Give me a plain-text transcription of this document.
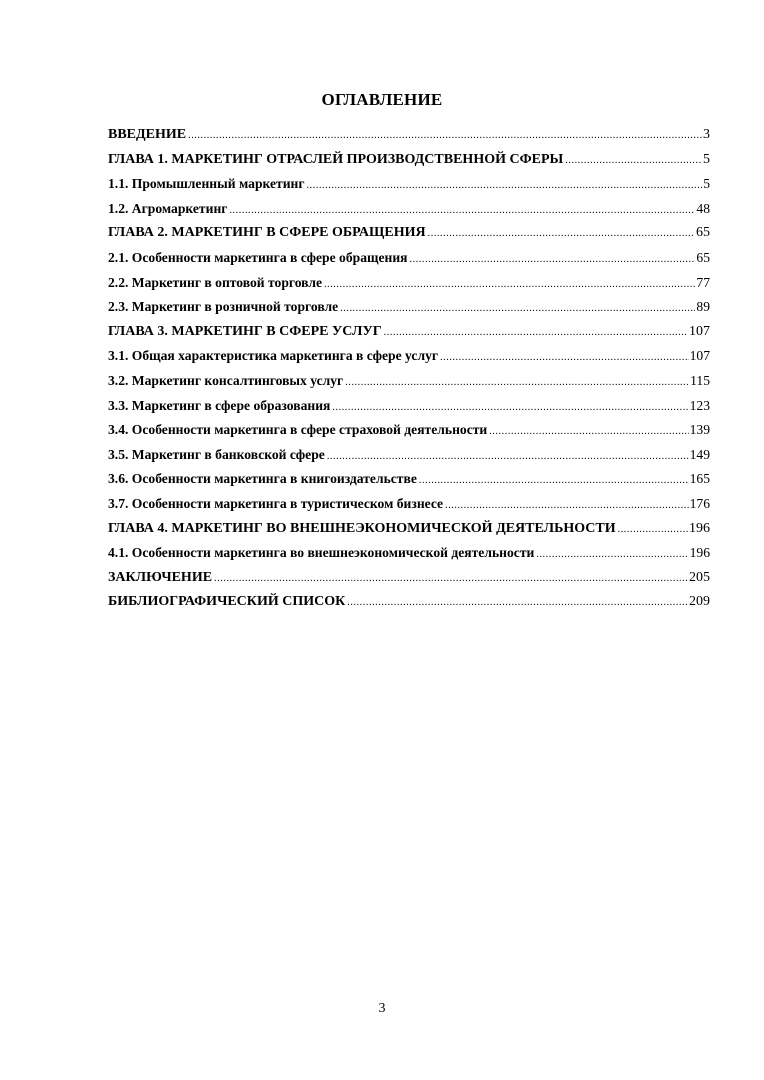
ОГЛАВЛЕНИЕ
ВВЕДЕНИЕ .....	3
ГЛАВА 1. МАРКЕТИНГ ОТРАСЛЕЙ ПРОИЗВОДСТВЕННОЙ СФЕРЫ .....	5
1.1. Промышленный маркетинг .....	5
1.2. Агромаркетинг .....	48
ГЛАВА 2. МАРКЕТИНГ В СФЕРЕ ОБРАЩЕНИЯ .....	65
2.1. Особенности маркетинга в сфере обращения .....	65
2.2. Маркетинг в оптовой торговле .....	77
2.3. Маркетинг в розничной торговле .....	89
ГЛАВА 3. МАРКЕТИНГ В СФЕРЕ УСЛУГ .....	107
3.1. Общая характеристика маркетинга в сфере услуг .....	107
3.2. Маркетинг консалтинговых услуг .....	115
3.3. Маркетинг в сфере образования .....	123
3.4. Особенности маркетинга в сфере страховой деятельности .....	139
3.5. Маркетинг в банковской сфере .....	149
3.6. Особенности маркетинга в книгоиздательстве .....	165
3.7. Особенности маркетинга в туристическом бизнесе .....	176
ГЛАВА 4. МАРКЕТИНГ ВО ВНЕШНЕЭКОНОМИЧЕСКОЙ ДЕЯТЕЛЬНОСТИ .....	196
4.1. Особенности маркетинга во внешнеэкономической деятельности .....	196
ЗАКЛЮЧЕНИЕ .....	205
БИБЛИОГРАФИЧЕСКИЙ СПИСОК .....	209
3
